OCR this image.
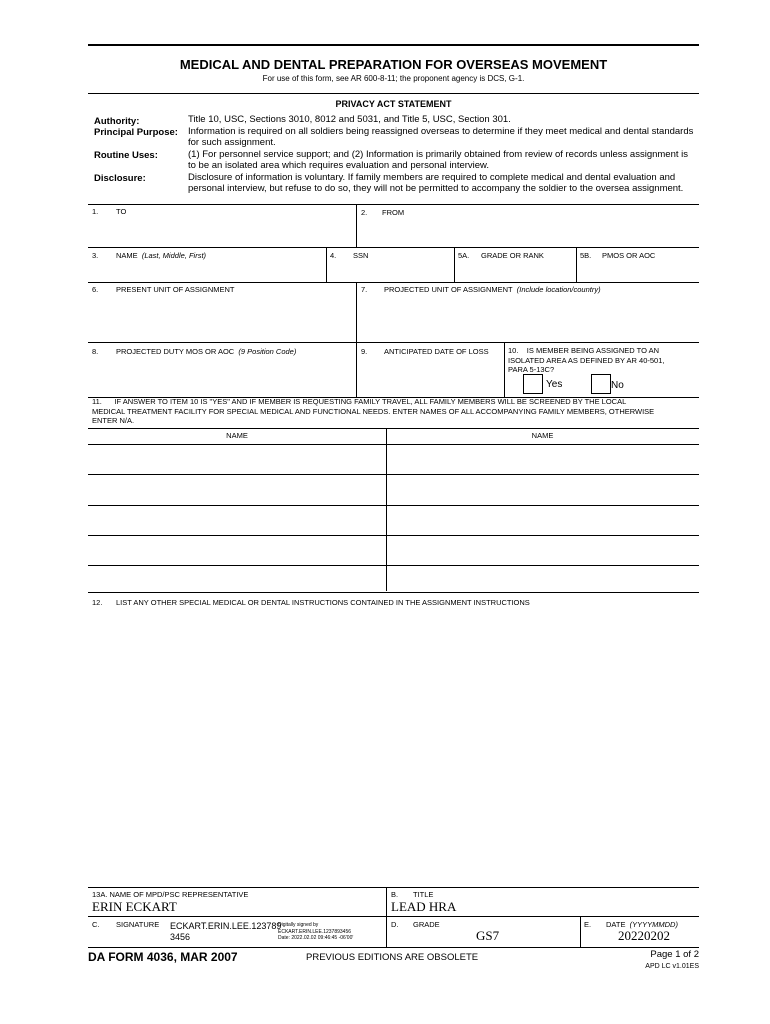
MEDICAL AND DENTAL PREPARATION FOR OVERSEAS MOVEMENT
For use of this form, see AR 600-8-11; the proponent agency is DCS, G-1.
PRIVACY ACT STATEMENT
Authority:	Title 10, USC, Sections 3010, 8012 and 5031, and Title 5, USC, Section 301.
Principal Purpose: Information is required on all soldiers being reassigned overseas to determine if they meet medical and dental standards for such assignment.
Routine Uses:	(1) For personnel service support; and (2) Information is primarily obtained from review of records unless assignment is to be an isolated area which requires evaluation and personal interview.
Disclosure:	Disclosure of information is voluntary. If family members are required to complete medical and dental evaluation and personal interview, but refuse to do so, they will not be permitted to accompany the soldier to the oversea assignment.
1. TO	2. FROM
3. NAME (Last, Middle, First)	4. SSN	5A. GRADE OR RANK	5B. PMOS OR AOC
6. PRESENT UNIT OF ASSIGNMENT	7. PROJECTED UNIT OF ASSIGNMENT (Include location/country)
8. PROJECTED DUTY MOS OR AOC (9 Position Code)	9. ANTICIPATED DATE OF LOSS	10. IS MEMBER BEING ASSIGNED TO AN
ISOLATED AREA AS DEFINED BY AR 40-501,
PARA 5-13C?
Yes	No
11. IF ANSWER TO ITEM 10 IS "YES" AND IF MEMBER IS REQUESTING FAMILY TRAVEL, ALL FAMILY MEMBERS WILL BE SCREENED BY THE LOCAL
MEDICAL TREATMENT FACILITY FOR SPECIAL MEDICAL AND FUNCTIONAL NEEDS. ENTER NAMES OF ALL ACCOMPANYING FAMILY MEMBERS, OTHERWISE
ENTER N/A.
NAME	NAME
12. LIST ANY OTHER SPECIAL MEDICAL OR DENTAL INSTRUCTIONS CONTAINED IN THE ASSIGNMENT INSTRUCTIONS
13A. NAME OF MPD/PSC REPRESENTATIVE
ERIN ECKART
B. TITLE
LEAD HRA
C. SIGNATURE ECKART.ERIN.LEE.123789
3456
Digitally signed by
ECKART.ERIN.LEE.1237893456
Date: 2022.02.02 09:46:45 -06'00'
D. GRADE
GS7
E. DATE (YYYYMMDD)
20220202
DA FORM 4036, MAR 2007	PREVIOUS EDITIONS ARE OBSOLETE	Page 1 of 2
APD LC v1.01ES
